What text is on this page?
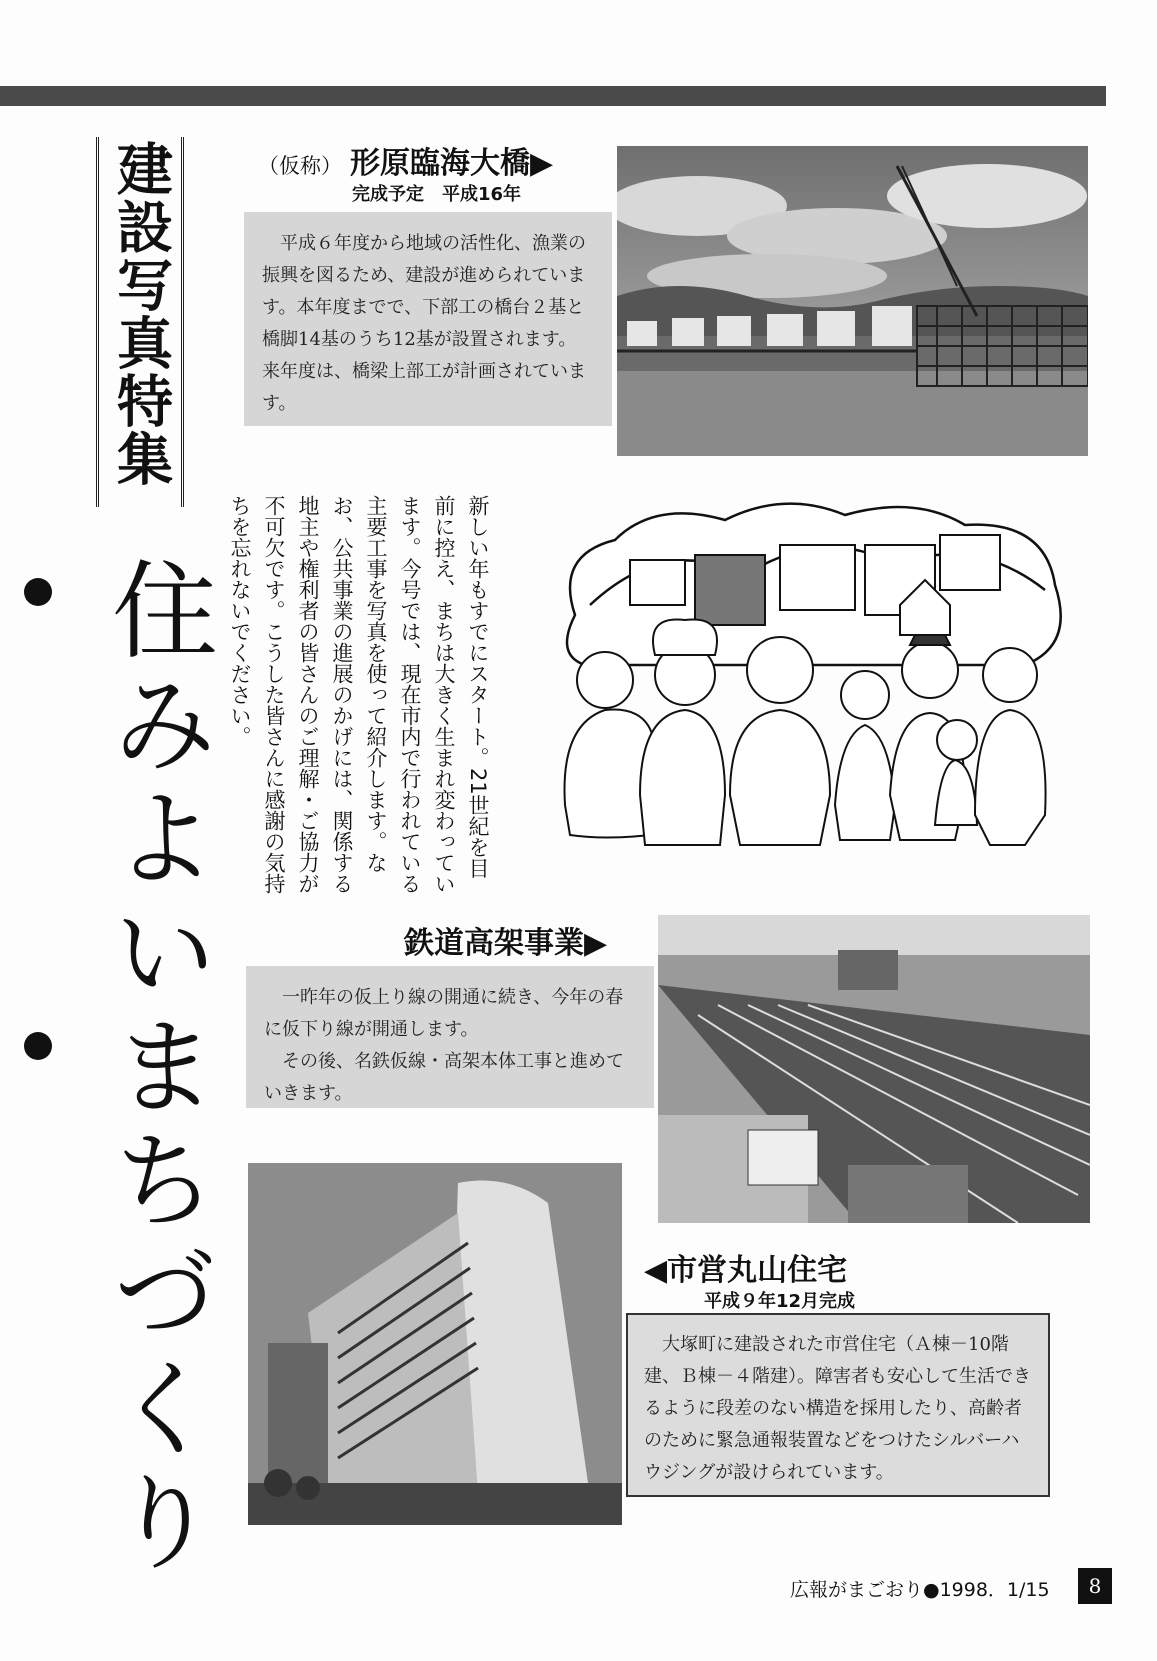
建設写真特集
住みよいまちづくり
（仮称） 形原臨海大橋▶
完成予定　平成16年

平成６年度から地域の活性化、漁業の振興を図るため、建設が進められています。本年度までで、下部工の橋台２基と橋脚14基のうち12基が設置されます。来年度は、橋梁上部工が計画されています。

新しい年もすでにスタート。21世紀を目前に控え、まちは大きく生まれ変わっています。今号では、現在市内で行われている主要工事を写真を使って紹介します。なお、公共事業の進展のかげには、関係する地主や権利者の皆さんのご理解・ご協力が不可欠です。こうした皆さんに感謝の気持ちを忘れないでください。
鉄道高架事業▶

一昨年の仮上り線の開通に続き、今年の春に仮下り線が開通します。

その後、名鉄仮線・高架本体工事と進めていきます。

◀市営丸山住宅
平成９年12月完成

大塚町に建設された市営住宅（Ａ棟－10階建、Ｂ棟－４階建）。障害者も安心して生活できるように段差のない構造を採用したり、高齢者のために緊急通報装置などをつけたシルバーハウジングが設けられています。

広報がまごおり●1998．1/15	8
